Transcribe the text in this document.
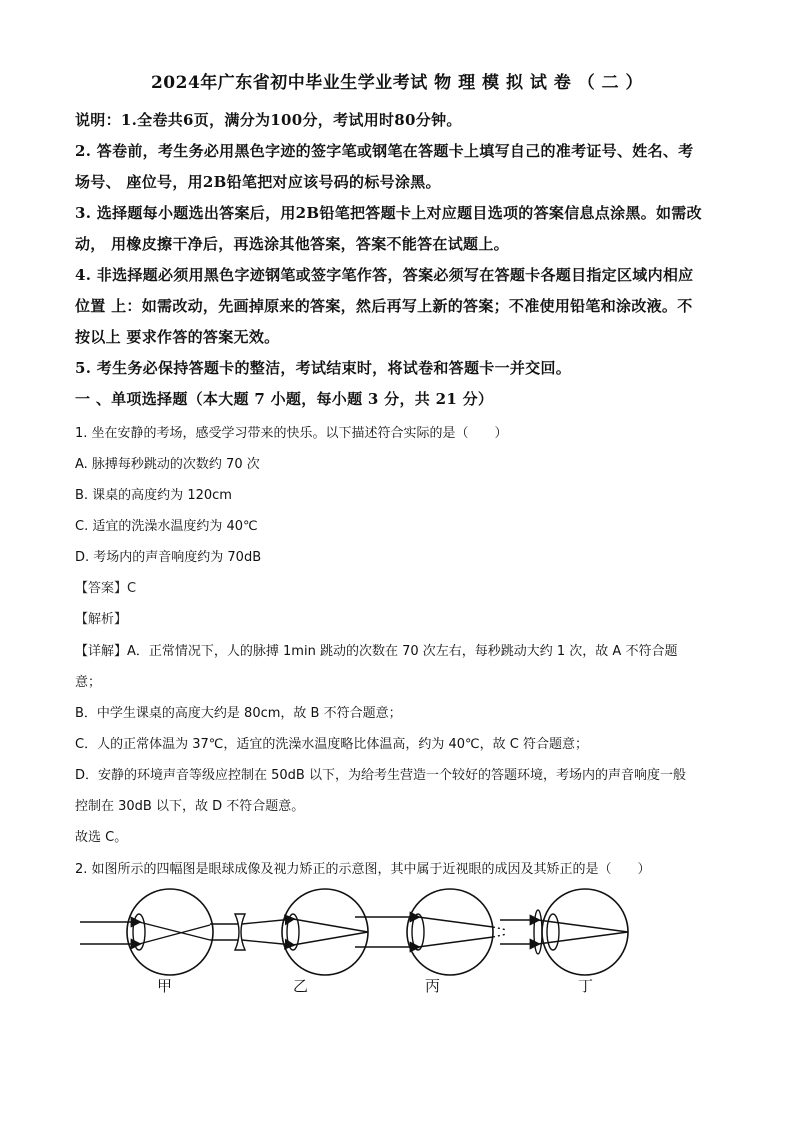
2024年广东省初中毕业生学业考试 物 理 模 拟 试 卷 （ 二 ）
说明：1.全卷共6页，满分为100分，考试用时80分钟。
2. 答卷前，考生务必用黑色字迹的签字笔或钢笔在答题卡上填写自己的准考证号、姓名、考
场号、 座位号，用2B铅笔把对应该号码的标号涂黑。
3. 选择题每小题选出答案后，用2B铅笔把答题卡上对应题目选项的答案信息点涂黑。如需改
动， 用橡皮擦干净后，再选涂其他答案，答案不能答在试题上。
4. 非选择题必须用黑色字迹钢笔或签字笔作答，答案必须写在答题卡各题目指定区域内相应
位置 上：如需改动，先画掉原来的答案，然后再写上新的答案；不准使用铅笔和涂改液。不
按以上 要求作答的答案无效。
5. 考生务必保持答题卡的整洁，考试结束时，将试卷和答题卡一并交回。
一 、单项选择题（本大题 7 小题，每小题 3 分，共 21 分）
1. 坐在安静的考场，感受学习带来的快乐。以下描述符合实际的是（　　）
A. 脉搏每秒跳动的次数约 70 次
B. 课桌的高度约为 120cm
C. 适宜的洗澡水温度约为 40℃
D. 考场内的声音响度约为 70dB
【答案】C
【解析】
【详解】A．正常情况下，人的脉搏 1min 跳动的次数在 70 次左右，每秒跳动大约 1 次，故 A 不符合题
意；
B．中学生课桌的高度大约是 80cm，故 B 不符合题意；
C．人的正常体温为 37℃，适宜的洗澡水温度略比体温高，约为 40℃，故 C 符合题意；
D．安静的环境声音等级应控制在 50dB 以下，为给考生营造一个较好的答题环境，考场内的声音响度一般
控制在 30dB 以下，故 D 不符合题意。
故选 C。
2. 如图所示的四幅图是眼球成像及视力矫正的示意图，其中属于近视眼的成因及其矫正的是（　　）
甲	乙	丙	丁
